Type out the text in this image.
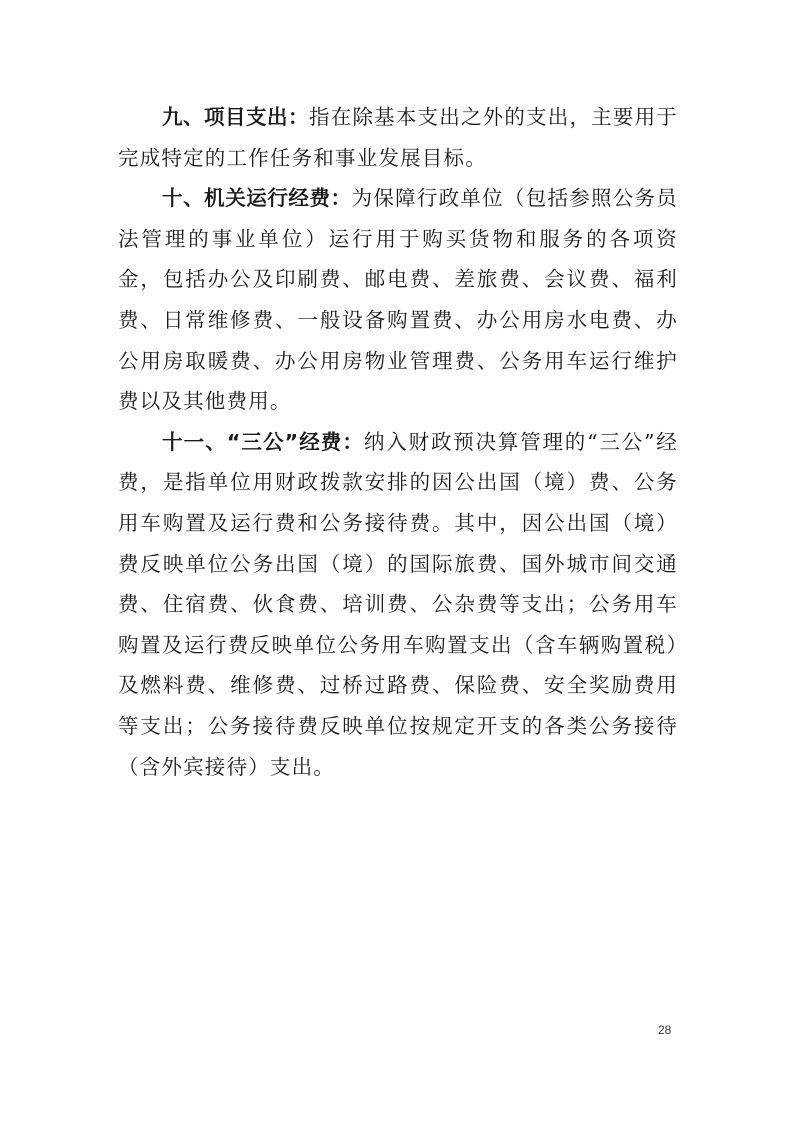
九、项目支出：指在除基本支出之外的支出，主要用于完成特定的工作任务和事业发展目标。

十、机关运行经费：为保障行政单位（包括参照公务员法管理的事业单位）运行用于购买货物和服务的各项资金，包括办公及印刷费、邮电费、差旅费、会议费、福利费、日常维修费、一般设备购置费、办公用房水电费、办公用房取暖费、办公用房物业管理费、公务用车运行维护费以及其他费用。

十一、“三公”经费：纳入财政预决算管理的“三公”经费，是指单位用财政拨款安排的因公出国（境）费、公务用车购置及运行费和公务接待费。其中，因公出国（境）费反映单位公务出国（境）的国际旅费、国外城市间交通费、住宿费、伙食费、培训费、公杂费等支出；公务用车购置及运行费反映单位公务用车购置支出（含车辆购置税）及燃料费、维修费、过桥过路费、保险费、安全奖励费用等支出；公务接待费反映单位按规定开支的各类公务接待（含外宾接待）支出。

28
